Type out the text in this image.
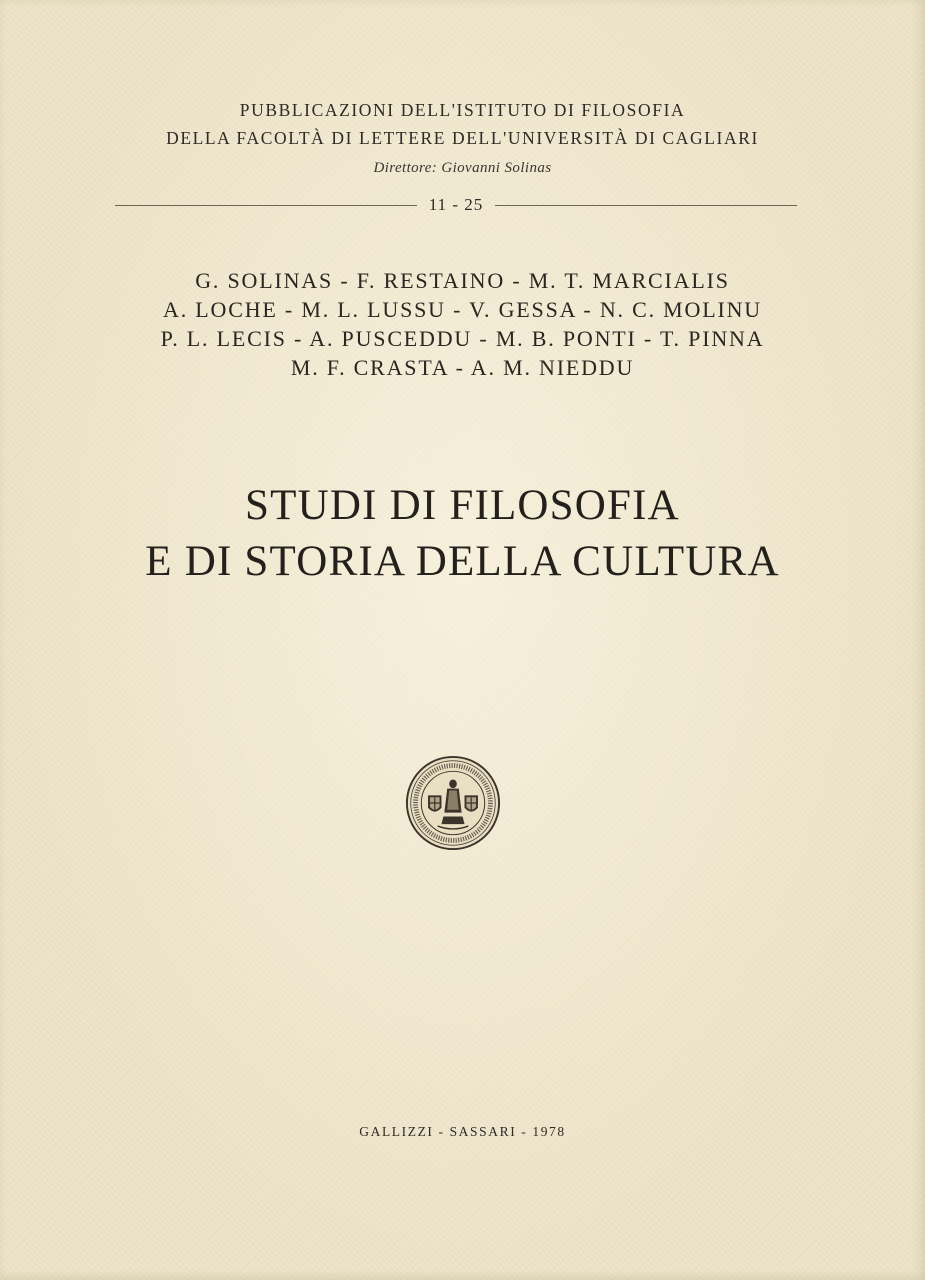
PUBBLICAZIONI DELL'ISTITUTO DI FILOSOFIA
DELLA FACOLTÀ DI LETTERE DELL'UNIVERSITÀ DI CAGLIARI
Direttore: Giovanni Solinas
11 - 25
G. SOLINAS - F. RESTAINO - M. T. MARCIALIS
A. LOCHE - M. L. LUSSU - V. GESSA - N. C. MOLINU
P. L. LECIS - A. PUSCEDDU - M. B. PONTI - T. PINNA
M. F. CRASTA - A. M. NIEDDU
STUDI DI FILOSOFIA
E DI STORIA DELLA CULTURA
GALLIZZI - SASSARI - 1978
